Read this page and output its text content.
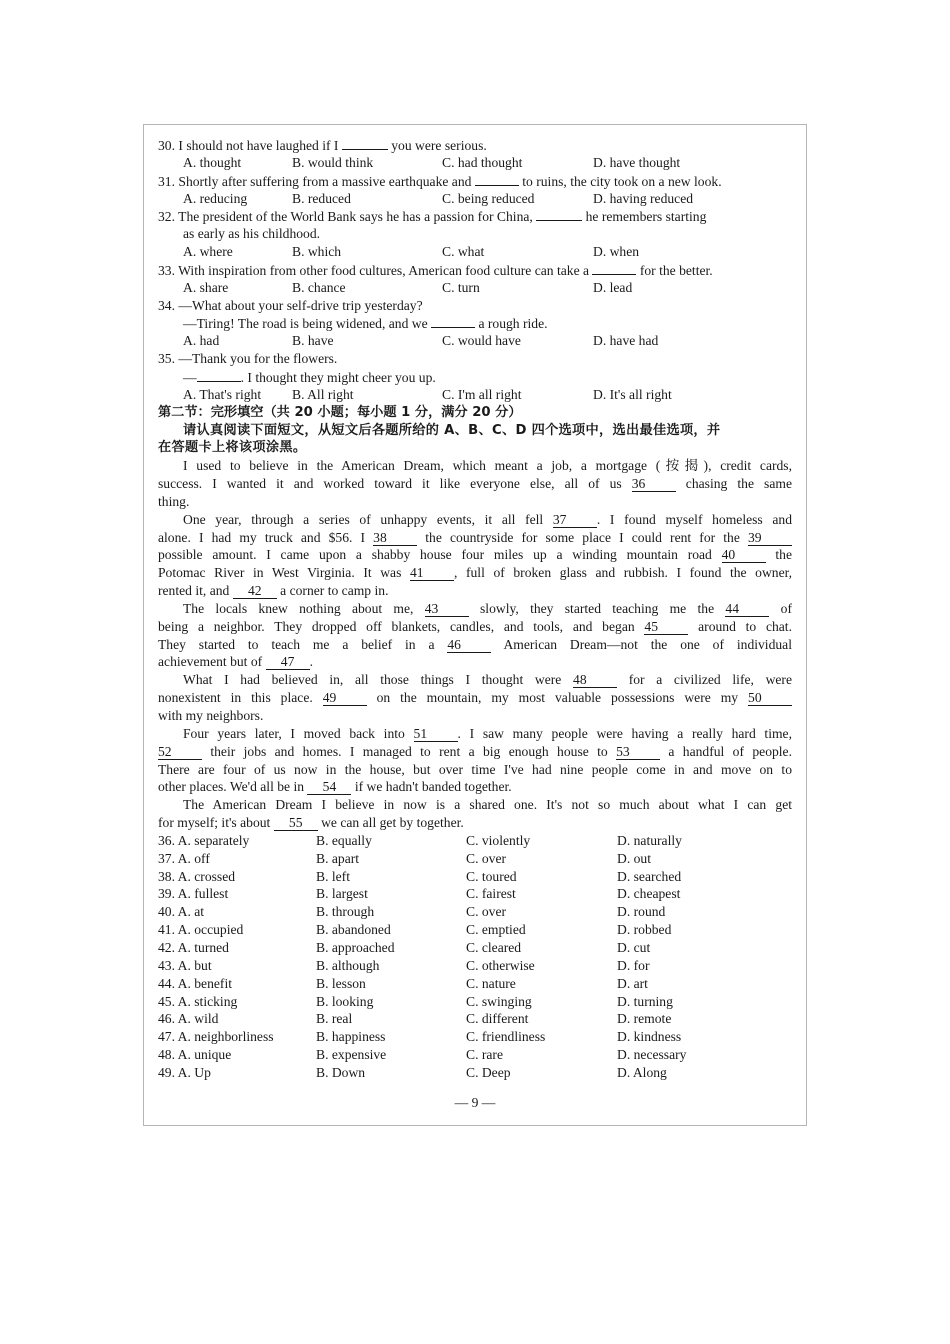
30. I should not have laughed if I	you were serious.
A. thought	B. would think	C. had thought	D. have thought
31. Shortly after suffering from a massive earthquake and	to ruins, the city took on a new look.
A. reducing	B. reduced	C. being reduced	D. having reduced
32. The president of the World Bank says he has a passion for China,	he remembers starting
as early as his childhood.
A. where	B. which	C. what	D. when
33. With inspiration from other food cultures, American food culture can take a	for the better.
A. share	B. chance	C. turn	D. lead
34. —What about your self-drive trip yesterday?
—Tiring! The road is being widened, and we	a rough ride.
A. had	B. have	C. would have	D. have had
35. —Thank you for the flowers.
—	. I thought they might cheer you up.
A. That's right	B. All right	C. I'm all right	D. It's all right
第二节：完形填空（共 20 小题；每小题 1 分，满分 20 分）
请认真阅读下面短文，从短文后各题所给的 A、B、C、D 四个选项中，选出最佳选项，并
在答题卡上将该项涂黑。
I used to believe in the American Dream, which meant a job, a mortgage (按揭), credit cards,
success. I wanted it and worked toward it like everyone else, all of us 36 chasing the same
thing.
One year, through a series of unhappy events, it all fell 37 . I found myself homeless and
alone. I had my truck and $56. I 38 the countryside for some place I could rent for the 39
possible amount. I came upon a shabby house four miles up a winding mountain road 40 the
Potomac River in West Virginia. It was 41 , full of broken glass and rubbish. I found the owner,
rented it, and 42 a corner to camp in.
The locals knew nothing about me, 43 slowly, they started teaching me the 44 of
being a neighbor. They dropped off blankets, candles, and tools, and began 45 around to chat.
They started to teach me a belief in a 46 American Dream—not the one of individual
achievement but of 47 .
What I had believed in, all those things I thought were 48 for a civilized life, were
nonexistent in this place. 49 on the mountain, my most valuable possessions were my 50
with my neighbors.
Four years later, I moved back into 51 . I saw many people were having a really hard time,
52 their jobs and homes. I managed to rent a big enough house to 53 a handful of people.
There are four of us now in the house, but over time I've had nine people come in and move on to
other places. We'd all be in 54 if we hadn't banded together.
The American Dream I believe in now is a shared one. It's not so much about what I can get
for myself; it's about 55 we can all get by together.
36. A. separately	B. equally	C. violently	D. naturally
37. A. off	B. apart	C. over	D. out
38. A. crossed	B. left	C. toured	D. searched
39. A. fullest	B. largest	C. fairest	D. cheapest
40. A. at	B. through	C. over	D. round
41. A. occupied	B. abandoned	C. emptied	D. robbed
42. A. turned	B. approached	C. cleared	D. cut
43. A. but	B. although	C. otherwise	D. for
44. A. benefit	B. lesson	C. nature	D. art
45. A. sticking	B. looking	C. swinging	D. turning
46. A. wild	B. real	C. different	D. remote
47. A. neighborliness	B. happiness	C. friendliness	D. kindness
48. A. unique	B. expensive	C. rare	D. necessary
49. A. Up	B. Down	C. Deep	D. Along
— 9 —
